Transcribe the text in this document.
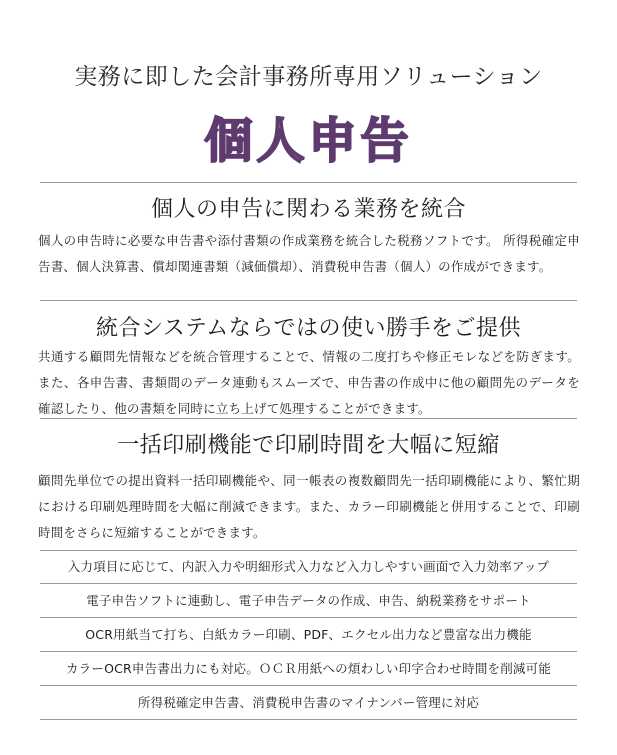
実務に即した会計事務所専用ソリューション
個人申告
個人の申告に関わる業務を統合
個人の申告時に必要な申告書や添付書類の作成業務を統合した税務ソフトです。 所得税確定申告書、個人決算書、償却関連書類（減価償却）、消費税申告書（個人）の作成ができます。
統合システムならではの使い勝手をご提供
共通する顧問先情報などを統合管理することで、情報の二度打ちや修正モレなどを防ぎます。また、各申告書、書類間のデータ連動もスムーズで、申告書の作成中に他の顧問先のデータを確認したり、他の書類を同時に立ち上げて処理することができます。
一括印刷機能で印刷時間を大幅に短縮
顧問先単位での提出資料一括印刷機能や、同一帳表の複数顧問先一括印刷機能により、繁忙期における印刷処理時間を大幅に削減できます。また、カラー印刷機能と併用することで、印刷時間をさらに短縮することができます。
入力項目に応じて、内訳入力や明細形式入力など入力しやすい画面で入力効率アップ
電子申告ソフトに連動し、電子申告データの作成、申告、納税業務をサポート
OCR用紙当て打ち、白紙カラー印刷、PDF、エクセル出力など豊富な出力機能
カラーOCR申告書出力にも対応。ＯＣＲ用紙への煩わしい印字合わせ時間を削減可能
所得税確定申告書、消費税申告書のマイナンバー管理に対応
